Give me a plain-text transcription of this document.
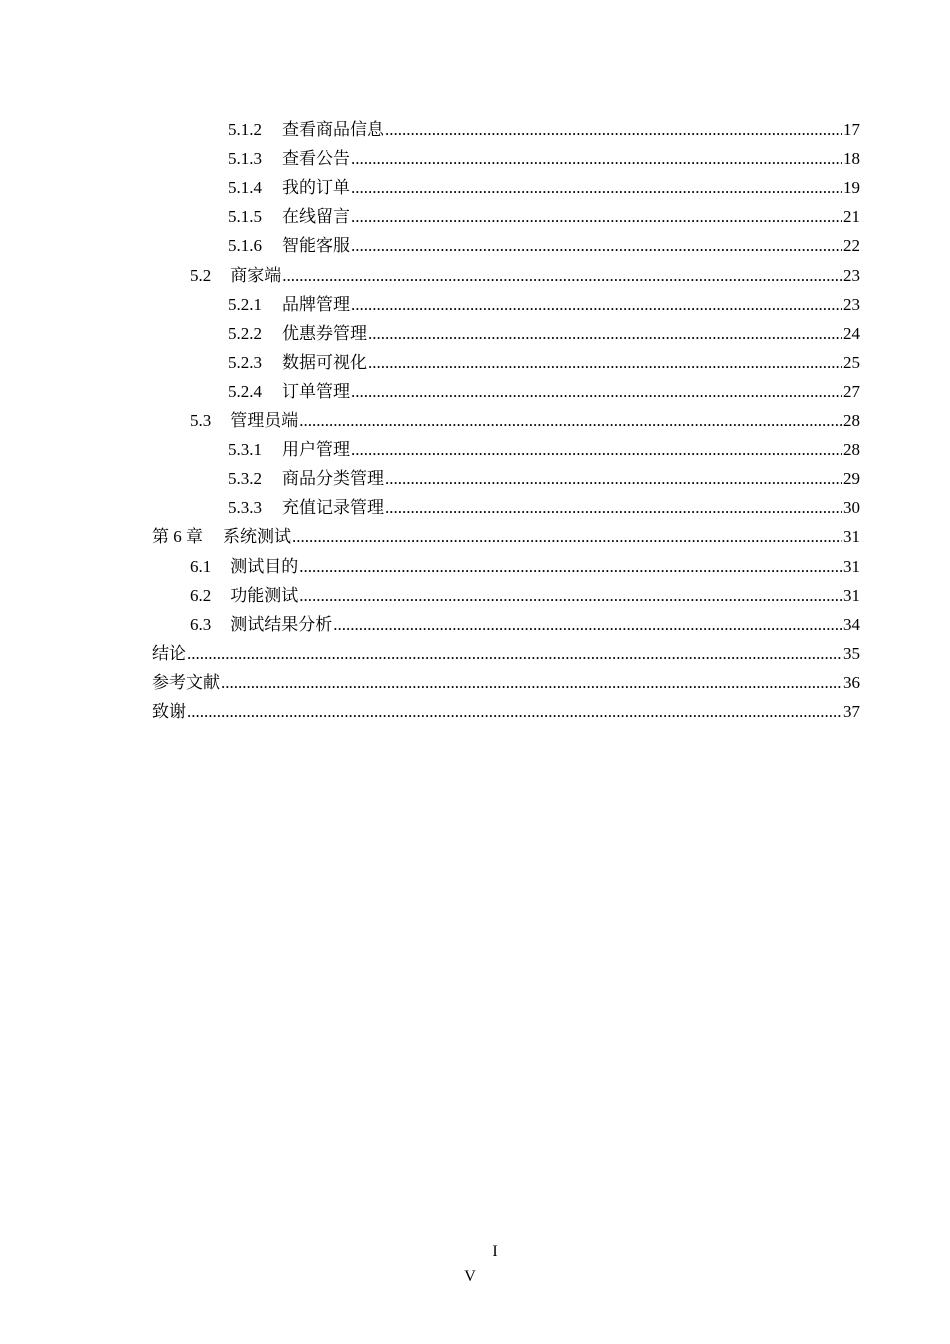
5.1.2 查看商品信息 .....	17
5.1.3 查看公告 .....	18
5.1.4 我的订单 .....	19
5.1.5 在线留言 .....	21
5.1.6 智能客服 .....	22
5.2 商家端 .....	23
5.2.1 品牌管理 .....	23
5.2.2 优惠券管理 .....	24
5.2.3 数据可视化 .....	25
5.2.4 订单管理 .....	27
5.3 管理员端 .....	28
5.3.1 用户管理 .....	28
5.3.2 商品分类管理 .....	29
5.3.3 充值记录管理 .....	30
第 6 章 系统测试 .....	31
6.1 测试目的 .....	31
6.2 功能测试 .....	31
6.3 测试结果分析 .....	34
结论 .....	35
参考文献 .....	36
致谢 .....	37
I
V
